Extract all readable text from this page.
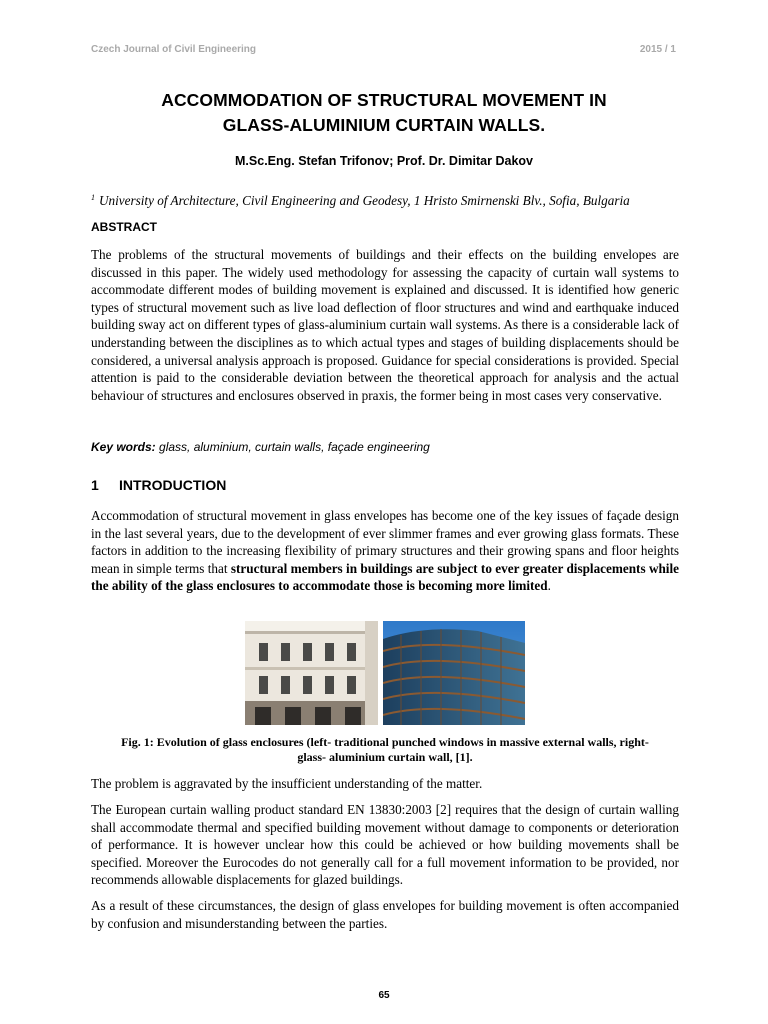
Czech Journal of Civil Engineering	2015 / 1
ACCOMMODATION OF STRUCTURAL MOVEMENT IN
GLASS-ALUMINIUM CURTAIN WALLS.
M.Sc.Eng. Stefan Trifonov; Prof. Dr. Dimitar Dakov
$^1$ University of Architecture, Civil Engineering and Geodesy, 1 Hristo Smirnenski Blv., Sofia, Bulgaria
ABSTRACT

The problems of the structural movements of buildings and their effects on the building envelopes are discussed in this paper. The widely used methodology for assessing the capacity of curtain wall systems to accommodate different modes of building movement is explained and discussed. It is identified how generic types of structural movement such as live load deflection of floor structures and wind and earthquake induced building sway act on different types of glass-aluminium curtain wall systems. As there is a considerable lack of understanding between the disciplines as to which actual types and stages of building displacements should be considered, a universal analysis approach is proposed. Guidance for special considerations is provided. Special attention is paid to the considerable deviation between the theoretical approach for analysis and the actual behaviour of structures and enclosures observed in praxis, the former being in most cases very conservative.

Key words: glass, aluminium, curtain walls, façade engineering
1 INTRODUCTION

Accommodation of structural movement in glass envelopes has become one of the key issues of façade design in the last several years, due to the development of ever slimmer frames and ever growing glass formats. These factors in addition to the increasing flexibility of primary structures and their growing spans and floor heights mean in simple terms that structural members in buildings are subject to ever greater displacements while the ability of the glass enclosures to accommodate those is becoming more limited.

Fig. 1: Evolution of glass enclosures (left- traditional punched windows in massive external walls, right-
glass- aluminium curtain wall, [1].

The problem is aggravated by the insufficient understanding of the matter.

The European curtain walling product standard EN 13830:2003 [2] requires that the design of curtain walling shall accommodate thermal and specified building movement without damage to components or deterioration of performance. It is however unclear how this could be achieved or how building movements shall be specified. Moreover the Eurocodes do not generally call for a full movement information to be provided, nor recommends allowable displacements for glazed buildings.

As a result of these circumstances, the design of glass envelopes for building movement is often accompanied by confusion and misunderstanding between the parties.

65
